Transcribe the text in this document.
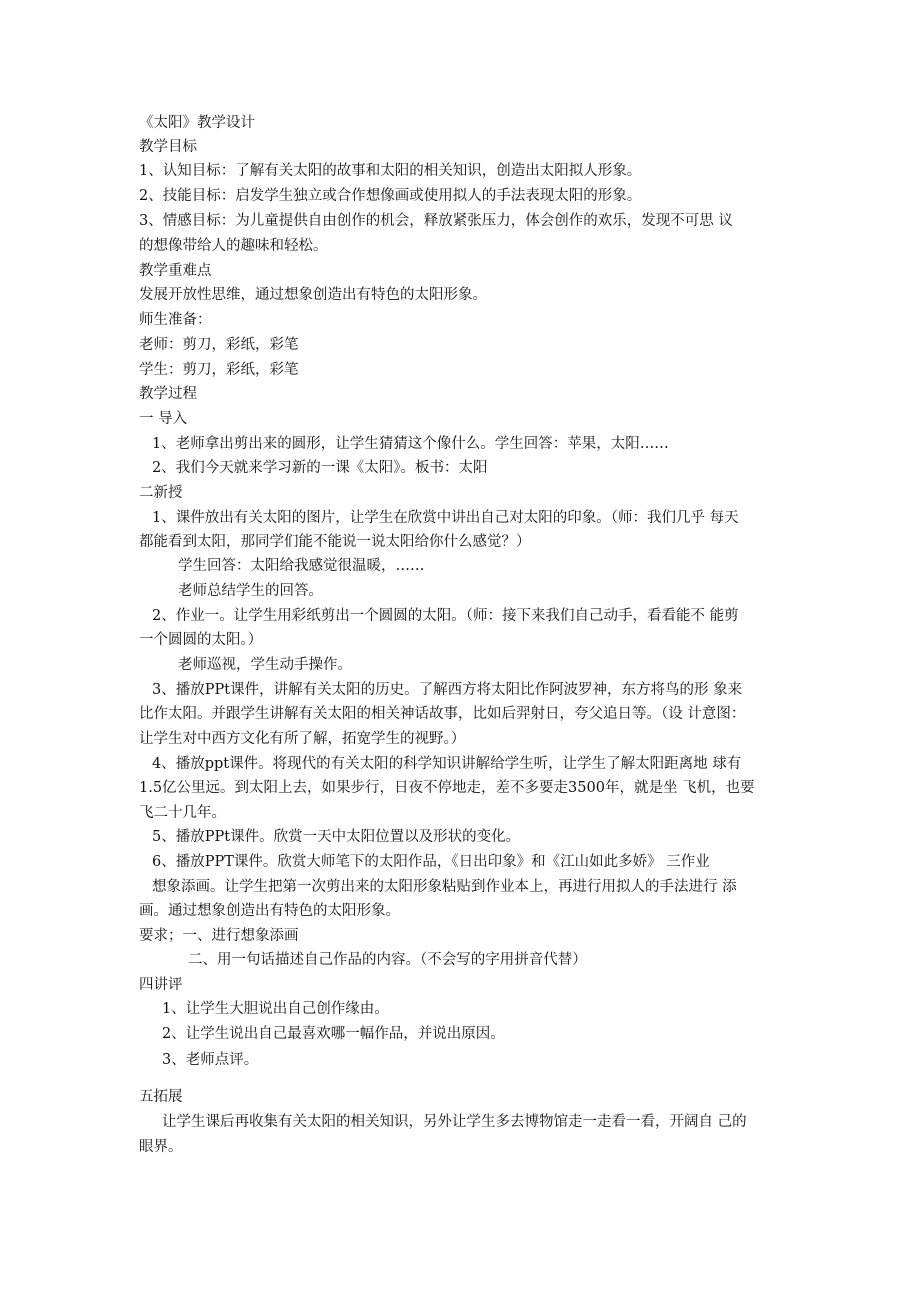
《太阳》教学设计
教学目标
1、认知目标：了解有关太阳的故事和太阳的相关知识，创造出太阳拟人形象。
2、技能目标：启发学生独立或合作想像画或使用拟人的手法表现太阳的形象。
3、情感目标：为儿童提供自由创作的机会，释放紧张压力，体会创作的欢乐，发现不可思 议
的想像带给人的趣味和轻松。
教学重难点
发展开放性思维，通过想象创造出有特色的太阳形象。
师生准备：
老师：剪刀，彩纸，彩笔
学生：剪刀，彩纸，彩笔
教学过程
一 导入
1、老师拿出剪出来的圆形，让学生猜猜这个像什么。学生回答：苹果，太阳……
2、我们今天就来学习新的一课《太阳》。板书：太阳
二新授
1、课件放出有关太阳的图片，让学生在欣赏中讲出自己对太阳的印象。（师：我们几乎 每天
都能看到太阳，那同学们能不能说一说太阳给你什么感觉？）
学生回答：太阳给我感觉很温暖，……
老师总结学生的回答。
2、作业一。让学生用彩纸剪出一个圆圆的太阳。（师：接下来我们自己动手，看看能不 能剪
一个圆圆的太阳。）
老师巡视，学生动手操作。
3、播放PPt课件，讲解有关太阳的历史。了解西方将太阳比作阿波罗神，东方将鸟的形 象来
比作太阳。并跟学生讲解有关太阳的相关神话故事，比如后羿射日，夸父追日等。（设 计意图：
让学生对中西方文化有所了解，拓宽学生的视野。）
4、播放ppt课件。将现代的有关太阳的科学知识讲解给学生听，让学生了解太阳距离地 球有
1.5亿公里远。到太阳上去，如果步行，日夜不停地走，差不多要走3500年，就是坐 飞机，也要
飞二十几年。
5、播放PPt课件。欣赏一天中太阳位置以及形状的变化。
6、播放PPT课件。欣赏大师笔下的太阳作品，《日出印象》和《江山如此多娇》 三作业
想象添画。让学生把第一次剪出来的太阳形象粘贴到作业本上，再进行用拟人的手法进行 添
画。通过想象创造出有特色的太阳形象。
要求；一、进行想象添画
二、用一句话描述自己作品的内容。（不会写的字用拼音代替）
四讲评
1、让学生大胆说出自己创作缘由。
2、让学生说出自己最喜欢哪一幅作品，并说出原因。
3、老师点评。
五拓展
让学生课后再收集有关太阳的相关知识，另外让学生多去博物馆走一走看一看，开阔自 己的
眼界。
